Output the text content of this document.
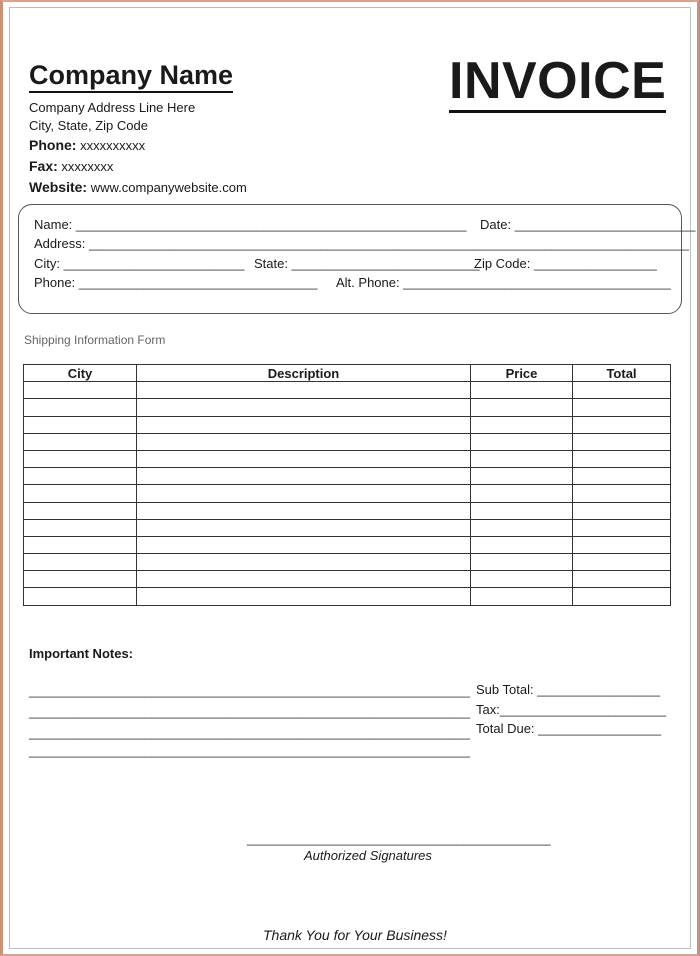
Company Name	INVOICE
Company Address Line Here
City, State, Zip Code
Phone: xxxxxxxxxx
Fax: xxxxxxxx
Website: www.companywebsite.com
Name: ______________________________________________________ Date: _________________________
Address: ___________________________________________________________________________________
City: _________________________ State: __________________________
Zip Code: _________________
Phone: _________________________________ Alt. Phone: _____________________________________
Shipping Information Form
City	Description	Price	Total

Important Notes:
_____________________________________________________________
_____________________________________________________________
_____________________________________________________________
_____________________________________________________________
Sub Total: _________________
Tax:_______________________
Total Due: _________________
__________________________________________
Authorized Signatures
Thank You for Your Business!
